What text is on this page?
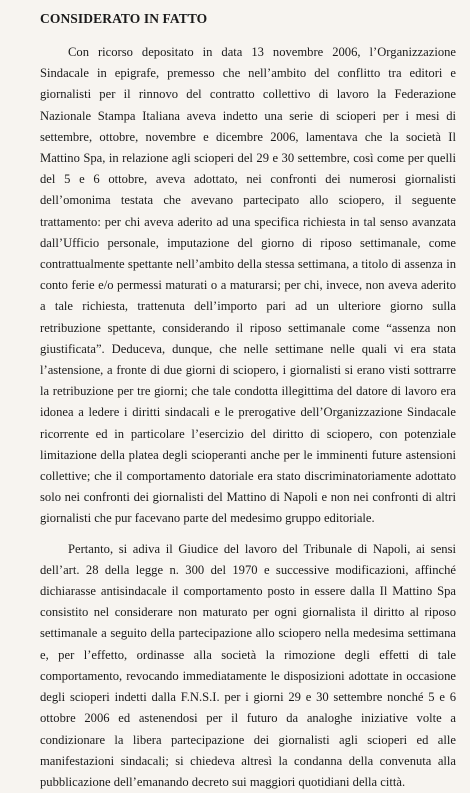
CONSIDERATO IN FATTO

Con ricorso depositato in data 13 novembre 2006, l’Organizzazione Sindacale in epigrafe, premesso che nell’ambito del conflitto tra editori e giornalisti per il rinnovo del contratto collettivo di lavoro la Federazione Nazionale Stampa Italiana aveva indetto una serie di scioperi per i mesi di settembre, ottobre, novembre e dicembre 2006, lamentava che la società Il Mattino Spa, in relazione agli scioperi del 29 e 30 settembre, così come per quelli del 5 e 6 ottobre, aveva adottato, nei confronti dei numerosi giornalisti dell’omonima testata che avevano partecipato allo sciopero, il seguente trattamento: per chi aveva aderito ad una specifica richiesta in tal senso avanzata dall’Ufficio personale, imputazione del giorno di riposo settimanale, come contrattualmente spettante nell’ambito della stessa settimana, a titolo di assenza in conto ferie e/o permessi maturati o a maturarsi; per chi, invece, non aveva aderito a tale richiesta, trattenuta dell’importo pari ad un ulteriore giorno sulla retribuzione spettante, considerando il riposo settimanale come “assenza non giustificata”. Deduceva, dunque, che nelle settimane nelle quali vi era stata l’astensione, a fronte di due giorni di sciopero, i giornalisti si erano visti sottrarre la retribuzione per tre giorni; che tale condotta illegittima del datore di lavoro era idonea a ledere i diritti sindacali e le prerogative dell’Organizzazione Sindacale ricorrente ed in particolare l’esercizio del diritto di sciopero, con potenziale limitazione della platea degli scioperanti anche per le imminenti future astensioni collettive; che il comportamento datoriale era stato discriminatoriamente adottato solo nei confronti dei giornalisti del Mattino di Napoli e non nei confronti di altri giornalisti che pur facevano parte del medesimo gruppo editoriale.

Pertanto, si adiva il Giudice del lavoro del Tribunale di Napoli, ai sensi dell’art. 28 della legge n. 300 del 1970 e successive modificazioni, affinché dichiarasse antisindacale il comportamento posto in essere dalla Il Mattino Spa consistito nel considerare non maturato per ogni giornalista il diritto al riposo settimanale a seguito della partecipazione allo sciopero nella medesima settimana e, per l’effetto, ordinasse alla società la rimozione degli effetti di tale comportamento, revocando immediatamente le disposizioni adottate in occasione degli scioperi indetti dalla F.N.S.I. per i giorni 29 e 30 settembre nonché 5 e 6 ottobre 2006 ed astenendosi per il futuro da analoghe iniziative volte a condizionare la libera partecipazione dei giornalisti agli scioperi ed alle manifestazioni sindacali; si chiedeva altresì la condanna della convenuta alla pubblicazione dell’emanando decreto sui maggiori quotidiani della città.
